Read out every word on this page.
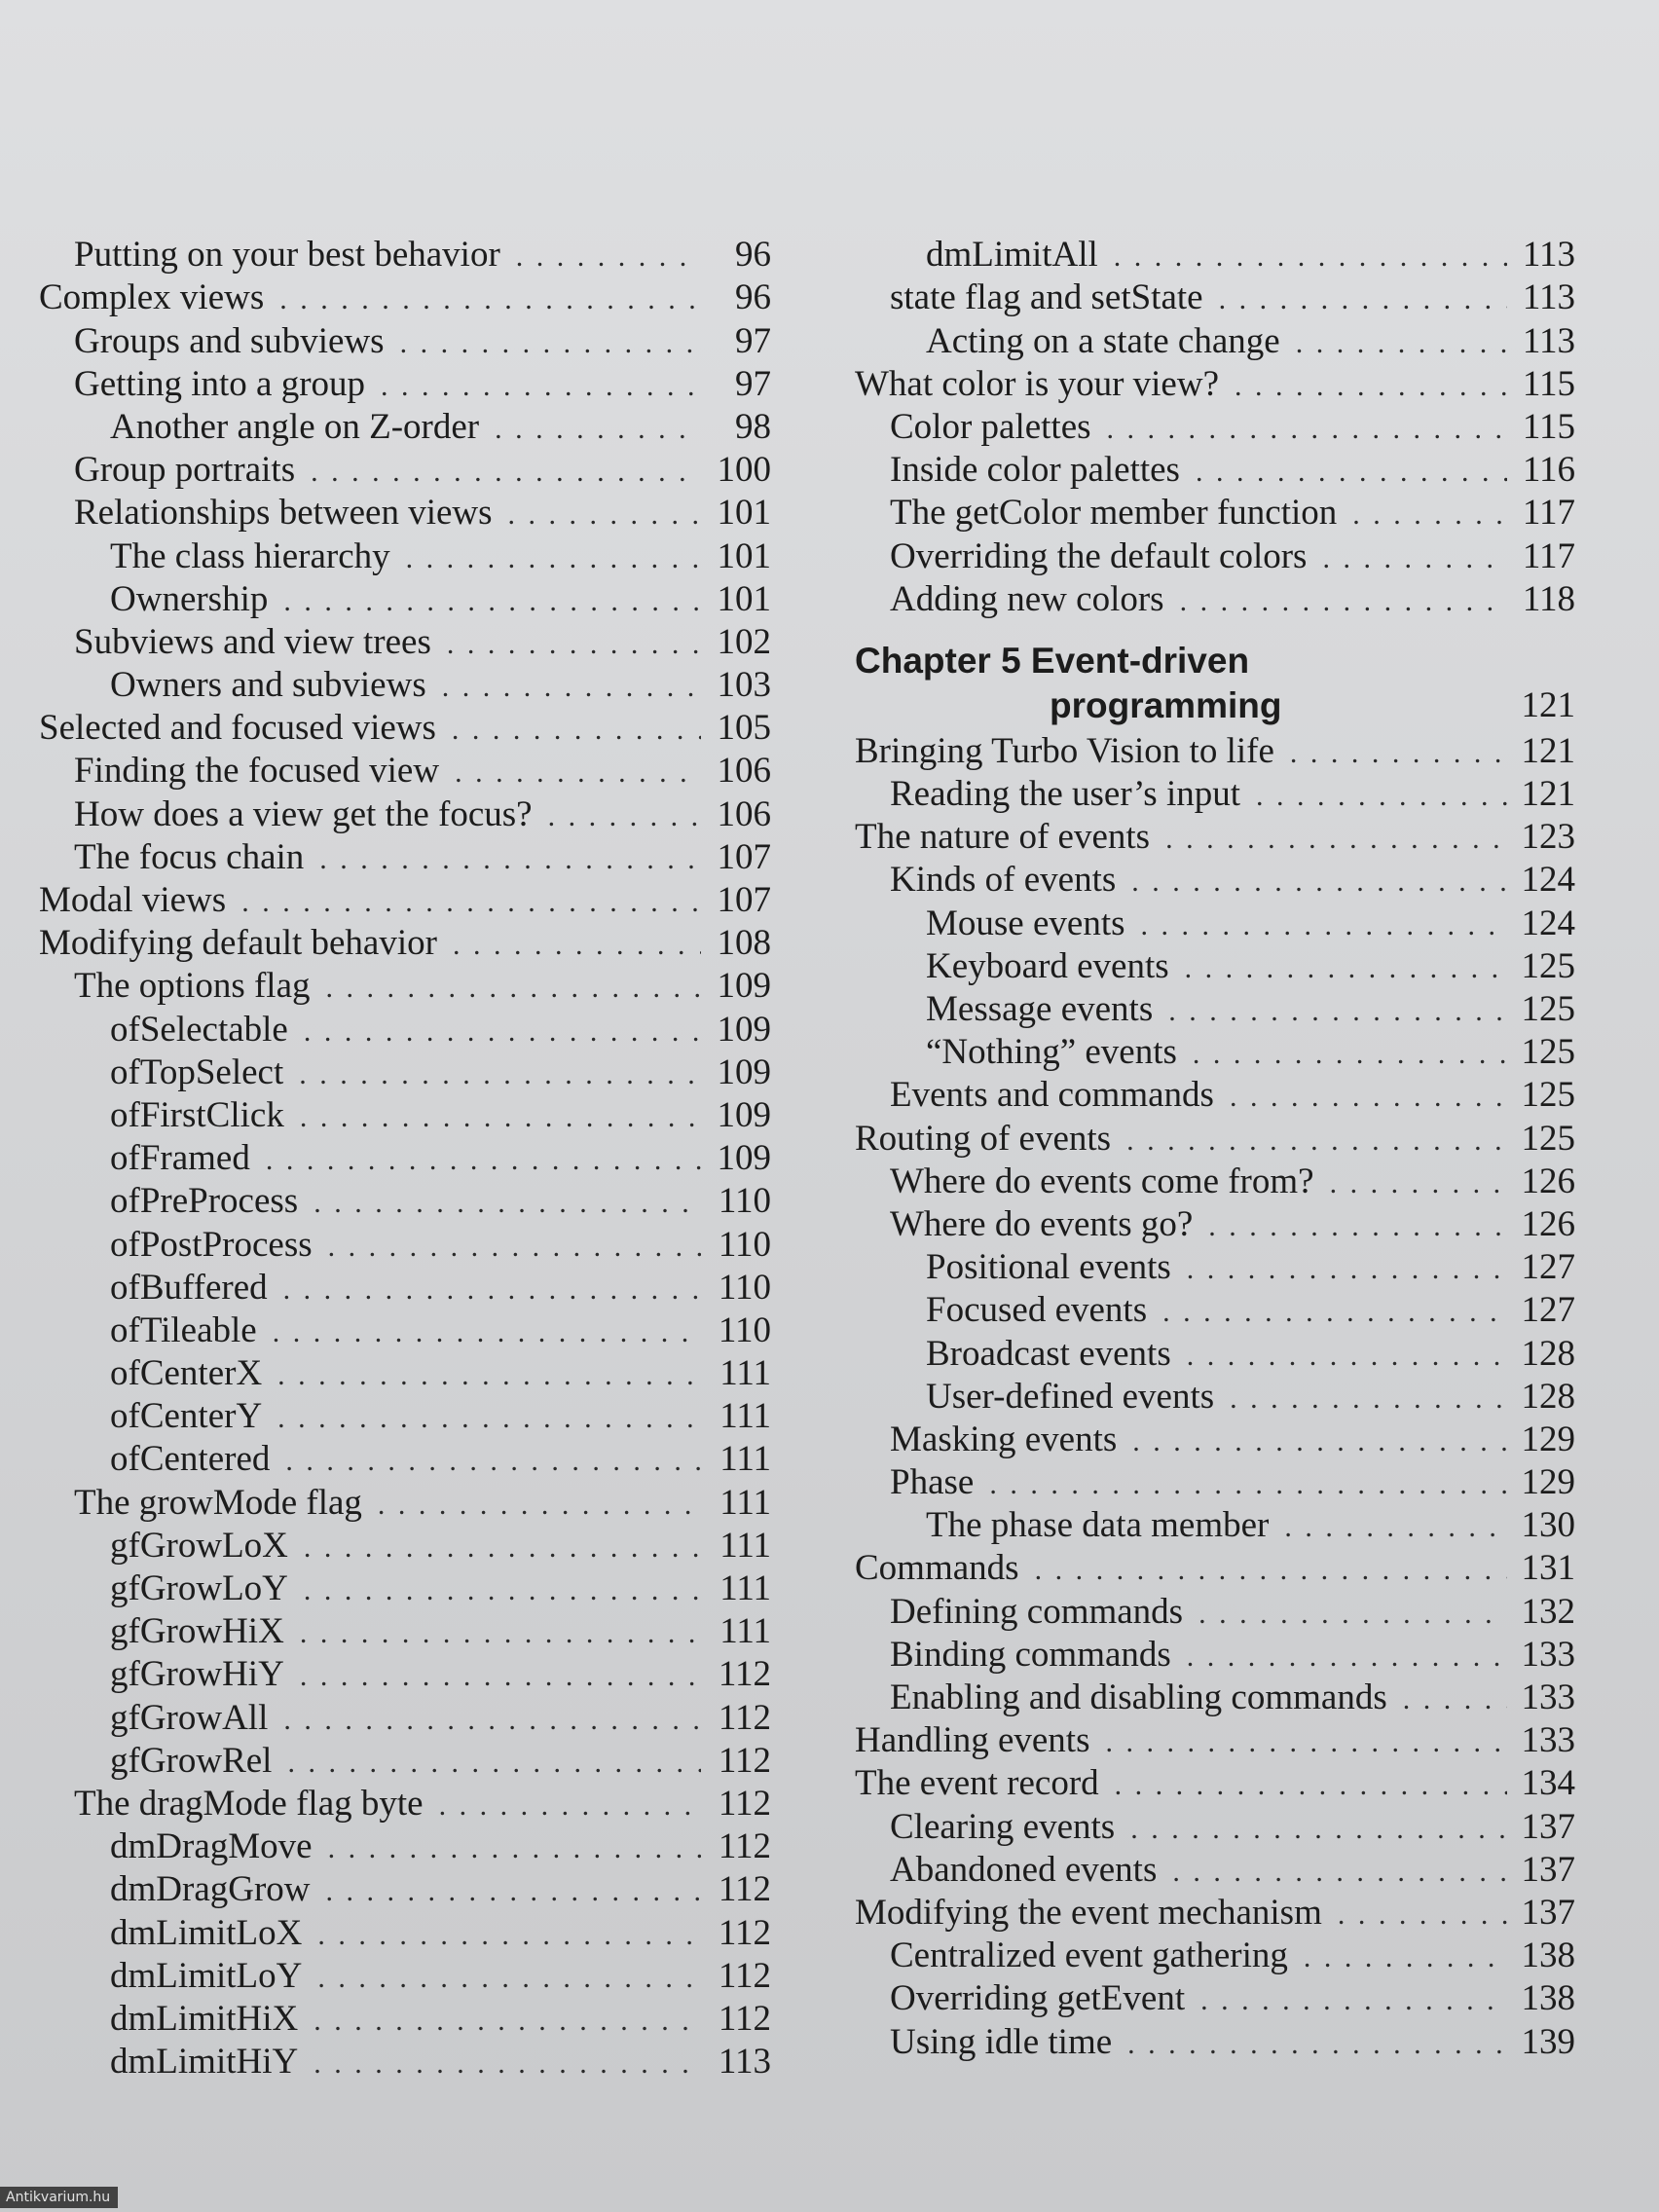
Putting on your best behavior . . .	96
Complex views . . .	96
Groups and subviews . . .	97
Getting into a group . . .	97
Another angle on Z-order . . .	98
Group portraits . . .	100
Relationships between views . . .	101
The class hierarchy . . .	101
Ownership . . .	101
Subviews and view trees . . .	102
Owners and subviews . . .	103
Selected and focused views . . .	105
Finding the focused view . . .	106
How does a view get the focus? . . .	106
The focus chain . . .	107
Modal views . . .	107
Modifying default behavior . . .	108
The options flag . . .	109
ofSelectable . . .	109
ofTopSelect . . .	109
ofFirstClick . . .	109
ofFramed . . .	109
ofPreProcess . . .	110
ofPostProcess . . .	110
ofBuffered . . .	110
ofTileable . . .	110
ofCenterX . . .	111
ofCenterY . . .	111
ofCentered . . .	111
The growMode flag . . .	111
gfGrowLoX . . .	111
gfGrowLoY . . .	111
gfGrowHiX . . .	111
gfGrowHiY . . .	112
gfGrowAll . . .	112
gfGrowRel . . .	112
The dragMode flag byte . . .	112
dmDragMove . . .	112
dmDragGrow . . .	112
dmLimitLoX . . .	112
dmLimitLoY . . .	112
dmLimitHiX . . .	112
dmLimitHiY . . .	113
dmLimitAll . . .	113
state flag and setState . . .	113
Acting on a state change . . .	113
What color is your view? . . .	115
Color palettes . . .	115
Inside color palettes . . .	116
The getColor member function . . .	117
Overriding the default colors . . .	117
Adding new colors . . .	118
Chapter 5 Event-driven
programming	121
Bringing Turbo Vision to life . . .	121
Reading the user’s input . . .	121
The nature of events . . .	123
Kinds of events . . .	124
Mouse events . . .	124
Keyboard events . . .	125
Message events . . .	125
“Nothing” events . . .	125
Events and commands . . .	125
Routing of events . . .	125
Where do events come from? . . .	126
Where do events go? . . .	126
Positional events . . .	127
Focused events . . .	127
Broadcast events . . .	128
User-defined events . . .	128
Masking events . . .	129
Phase . . .	129
The phase data member . . .	130
Commands . . .	131
Defining commands . . .	132
Binding commands . . .	133
Enabling and disabling commands . . .	133
Handling events . . .	133
The event record . . .	134
Clearing events . . .	137
Abandoned events . . .	137
Modifying the event mechanism . . .	137
Centralized event gathering . . .	138
Overriding getEvent . . .	138
Using idle time . . .	139
Antikvarium.hu
